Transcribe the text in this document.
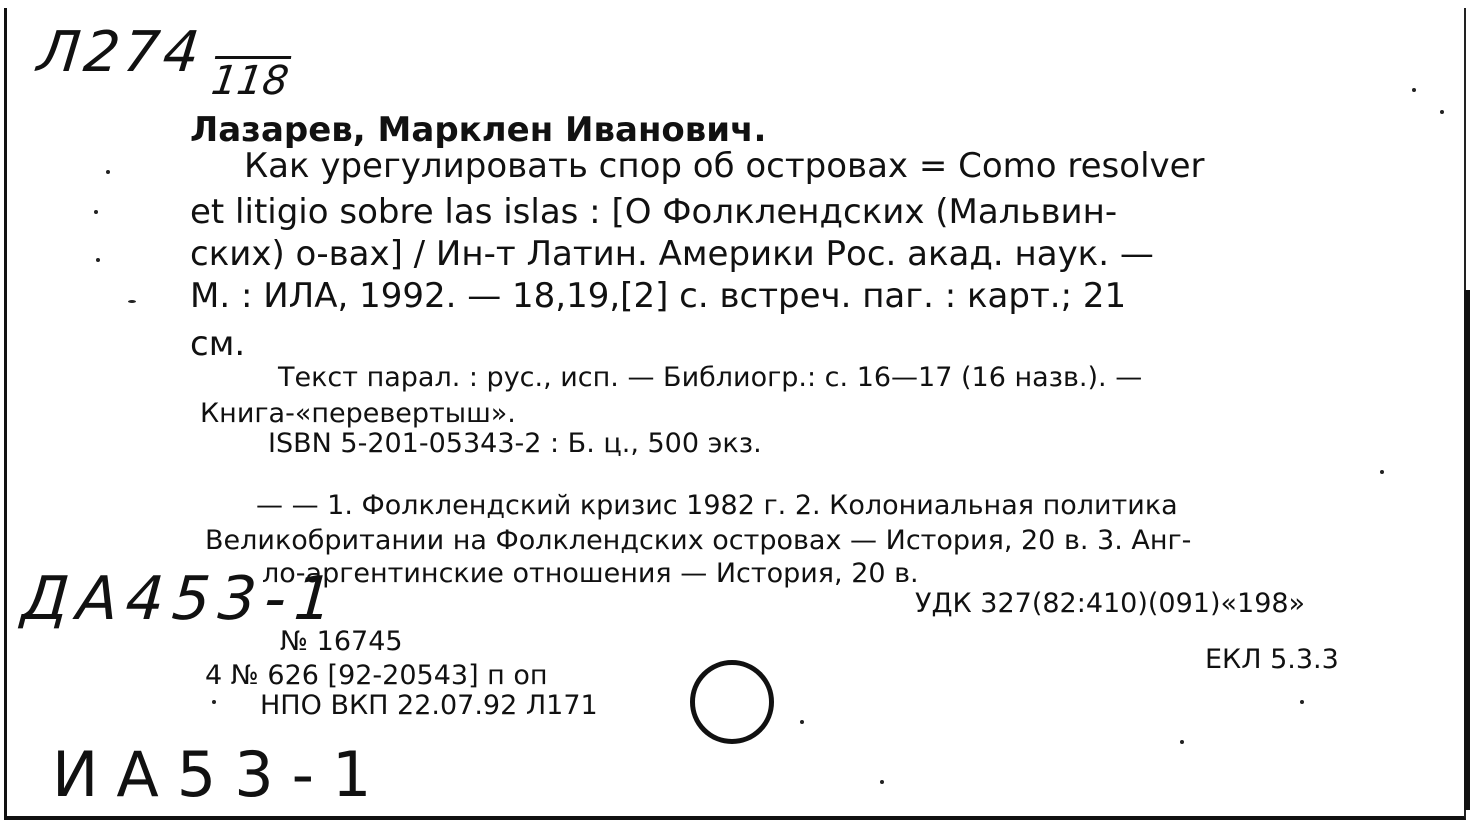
Л274 118
ДА453-1
ИА53-1
Лазарев, Марклен Иванович.
Как урегулировать спор об островах = Como resolver
et litigio sobre las islas : [О Фолклендских (Мальвин-
ских) о-вах] / Ин-т Латин. Америки Рос. акад. наук. —
М. : ИЛА, 1992. — 18,19,[2] с. встреч. паг. : карт.; 21
см.
Текст парал. : рус., исп. — Библиогр.: с. 16—17 (16 назв.). —
Книга-«перевертыш».
ISBN 5-201-05343-2 : Б. ц., 500 экз.
— — 1. Фолклендский кризис 1982 г. 2. Колониальная политика
Великобритании на Фолклендских островах — История, 20 в. 3. Анг-
ло-аргентинские отношения — История, 20 в.
УДК 327(82:410)(091)«198»
ЕКЛ 5.3.3
№ 16745
4 № 626 [92-20543] п оп
НПО ВКП 22.07.92 Л171
